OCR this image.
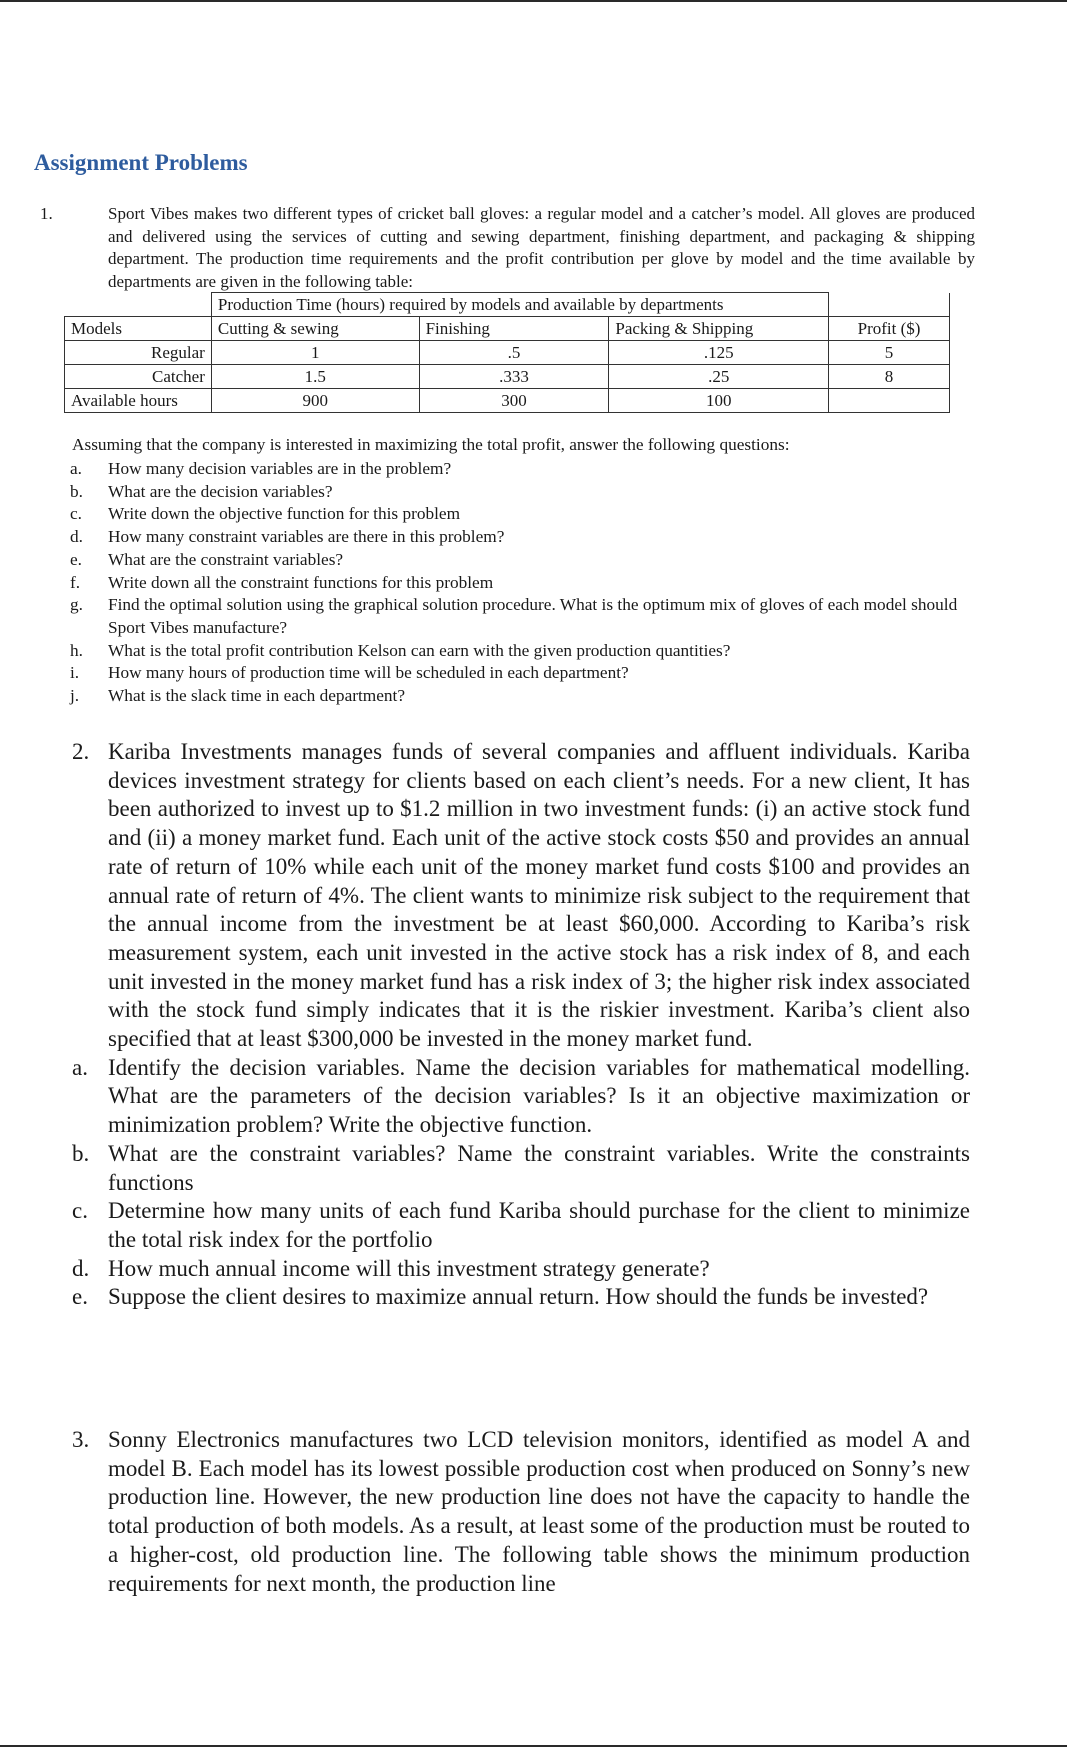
Assignment Problems
1.	Sport Vibes makes two different types of cricket ball gloves: a regular model and a catcher’s model. All gloves are produced and delivered using the services of cutting and sewing department, finishing department, and packaging & shipping department. The production time requirements and the profit contribution per glove by model and the time available by departments are given in the following table:
	Production Time (hours) required by models and available by departments			
Models	Cutting & sewing	Finishing	Packing & Shipping	Profit ($)
Regular	1	.5	.125	5
Catcher	1.5	.333	.25	8
Available hours	900	300	100	
Assuming that the company is interested in maximizing the total profit, answer the following questions:
a. How many decision variables are in the problem?
b. What are the decision variables?
c. Write down the objective function for this problem
d. How many constraint variables are there in this problem?
e. What are the constraint variables?
f. Write down all the constraint functions for this problem
g. Find the optimal solution using the graphical solution procedure. What is the optimum mix of gloves of each model should Sport Vibes manufacture?
h. What is the total profit contribution Kelson can earn with the given production quantities?
i. How many hours of production time will be scheduled in each department?
j. What is the slack time in each department?
2. Kariba Investments manages funds of several companies and affluent individuals. Kariba devices investment strategy for clients based on each client’s needs. For a new client, It has been authorized to invest up to $1.2 million in two investment funds: (i) an active stock fund and (ii) a money market fund. Each unit of the active stock costs $50 and provides an annual rate of return of 10% while each unit of the money market fund costs $100 and provides an annual rate of return of 4%. The client wants to minimize risk subject to the requirement that the annual income from the investment be at least $60,000. According to Kariba’s risk measurement system, each unit invested in the active stock has a risk index of 8, and each unit invested in the money market fund has a risk index of 3; the higher risk index associated with the stock fund simply indicates that it is the riskier investment. Kariba’s client also specified that at least $300,000 be invested in the money market fund.
a. Identify the decision variables. Name the decision variables for mathematical modelling. What are the parameters of the decision variables? Is it an objective maximization or minimization problem? Write the objective function.
b. What are the constraint variables? Name the constraint variables. Write the constraints functions
c. Determine how many units of each fund Kariba should purchase for the client to minimize the total risk index for the portfolio
d. How much annual income will this investment strategy generate?
e. Suppose the client desires to maximize annual return. How should the funds be invested?
3. Sonny Electronics manufactures two LCD television monitors, identified as model A and model B. Each model has its lowest possible production cost when produced on Sonny’s new production line. However, the new production line does not have the capacity to handle the total production of both models. As a result, at least some of the production must be routed to a higher-cost, old production line. The following table shows the minimum production requirements for next month, the production line
